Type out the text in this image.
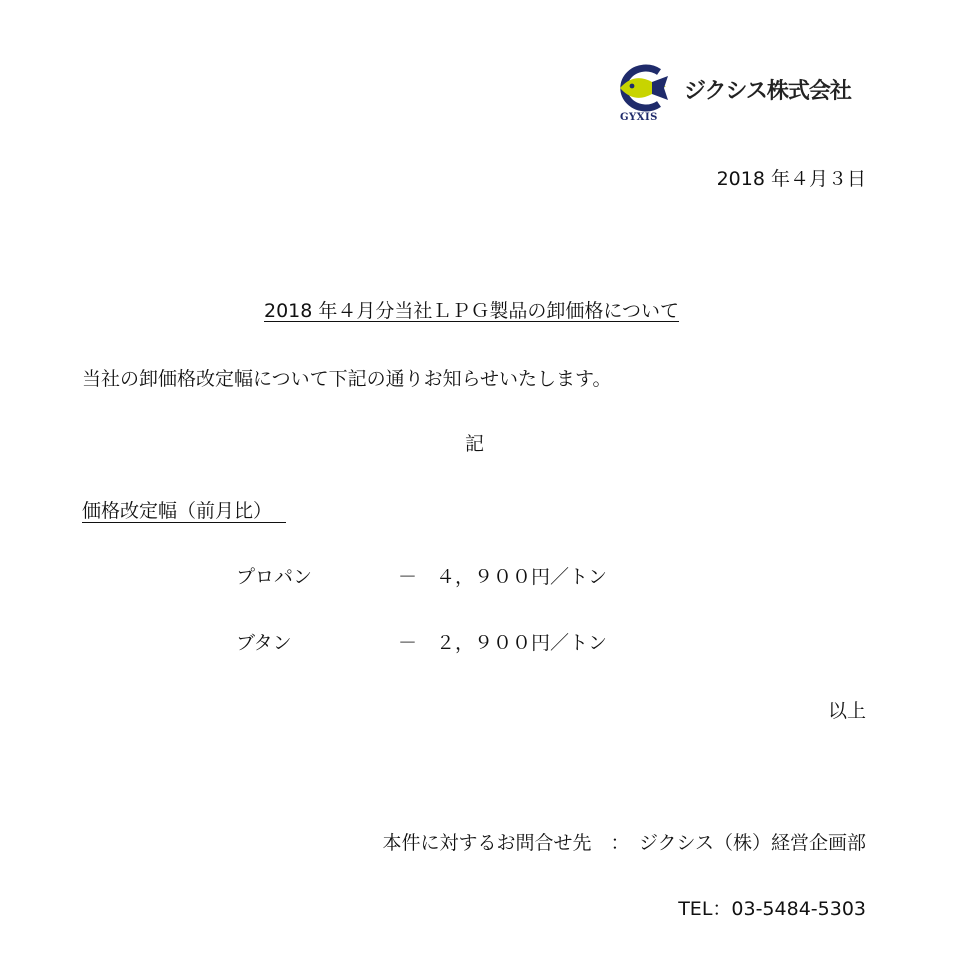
ジクシス株式会社
GYXIS
2018 年４月３日
2018 年４月分当社ＬＰＧ製品の卸価格について
当社の卸価格改定幅について下記の通りお知らせいたします。
記
価格改定幅（前月比）
プロパン	－　４，９００円／トン
ブタン	－　２，９００円／トン
以上
本件に対するお問合せ先　：　ジクシス（株）経営企画部
TEL：03-5484-5303
